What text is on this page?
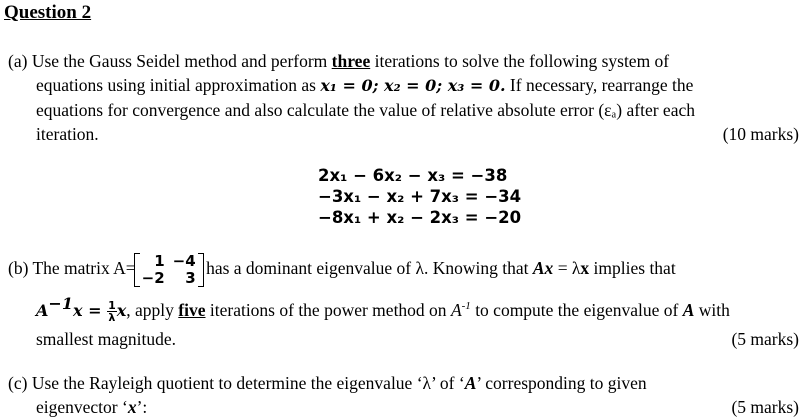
Question 2
(a) Use the Gauss Seidel method and perform three iterations to solve the following system of
equations using initial approximation as x₁ = 0; x₂ = 0; x₃ = 0. If necessary, rearrange the
equations for convergence and also calculate the value of relative absolute error (εₐ) after each
iteration.	(10 marks)
2x₁ − 6x₂ − x₃ = −38
−3x₁ − x₂ + 7x₃ = −34
−8x₁ + x₂ − 2x₃ = −20
(b) The matrix A= 1	−4
−2	3 has a dominant eigenvalue of λ. Knowing that Ax = λx implies that
$A^{-1}x = \frac{1}{\lambda} x$, apply five iterations of the power method on $A^{-1}$ to compute the eigenvalue of A with
smallest magnitude.	(5 marks)
(c) Use the Rayleigh quotient to determine the eigenvalue ‘λ’ of ‘A’ corresponding to given
eigenvector ‘x’:	(5 marks)
